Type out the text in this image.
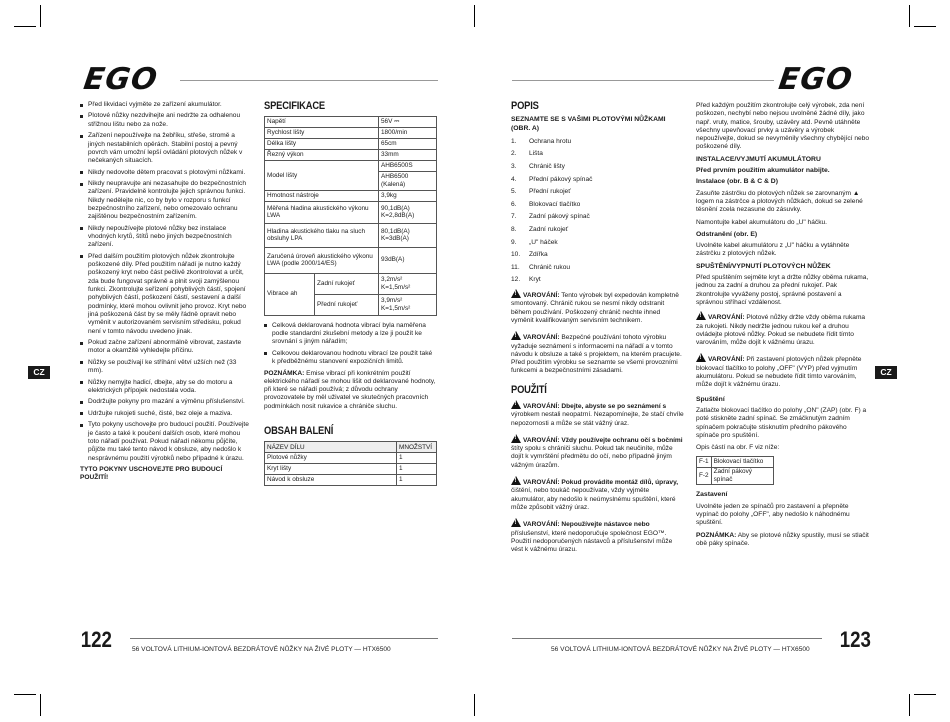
EGO	EGO
CZ	CZ
Před likvidací vyjměte ze zařízení akumulátor.
Plotové nůžky nezdvihejte ani nedržte za odhalenou střižnou lištu nebo za nože.
Zařízení nepoužívejte na žebříku, střeše, stromě a jiných nestabilních opěrách. Stabilní postoj a pevný povrch vám umožní lepší ovládání plotových nůžek v nečekaných situacích.
Nikdy nedovolte dětem pracovat s plotovými nůžkami.
Nikdy neupravujte ani nezasahujte do bezpečnostních zařízení. Pravidelně kontrolujte jejich správnou funkci. Nikdy nedělejte nic, co by bylo v rozporu s funkcí bezpečnostního zařízení, nebo omezovalo ochranu zajištěnou bezpečnostním zařízením.
Nikdy nepoužívejte plotové nůžky bez instalace vhodných krytů, štítů nebo jiných bezpečnostních zařízení.
Před dalším použitím plotových nůžek zkontrolujte poškozené díly. Před použitím nářadí je nutno každý poškozený kryt nebo část pečlivě zkontrolovat a určit, zda bude fungovat správně a plnit svoji zamýšlenou funkci. Zkontrolujte seřízení pohyblivých částí, spojení pohyblivých částí, poškození částí, sestavení a další podmínky, které mohou ovlivnit jeho provoz. Kryt nebo jiná poškozená část by se měly řádně opravit nebo vyměnit v autorizovaném servisním středisku, pokud není v tomto návodu uvedeno jinak.
Pokud začne zařízení abnormálně vibrovat, zastavte motor a okamžitě vyhledejte příčinu.
Nůžky se používají ke stříhání větví užších než (33 mm).
Nůžky nemyjte hadicí, dbejte, aby se do motoru a elektrických přípojek nedostala voda.
Dodržujte pokyny pro mazání a výměnu příslušenství.
Udržujte rukojeti suché, čisté, bez oleje a maziva.
Tyto pokyny uschovejte pro budoucí použití. Používejte je často a také k poučení dalších osob, které mohou toto nářadí používat. Pokud nářadí někomu půjčíte, půjčte mu také tento návod k obsluze, aby nedošlo k nesprávnému použití výrobků nebo případné k úrazu.
TYTO POKYNY USCHOVEJTE PRO BUDOUCÍ POUŽITÍ!
SPECIFIKACE
Napětí	56V ⎓
Rychlost lišty	1800/min
Délka lišty	65cm
Řezný výkon	33mm
Model lišty	AHB6500S
	AHB6500 (Kalená)
Hmotnost nástroje	3,9kg
Měřená hladina akustického výkonu LWA	90,1dB(A)
K=2,8dB(A)

Hladina akustického tlaku na sluch obsluhy LPA	80,1dB(A)
K=3dB(A)

Zaručená úroveň akustického výkonu LWA (podle 2000/14/ES)	93dB(A)
Vibrace ah	Zadní rukojeť	3,2m/s²
K=1,5m/s²

	Přední rukojeť	3,9m/s²
K=1,5m/s²
Celková deklarovaná hodnota vibrací byla naměřena podle standardní zkušební metody a lze ji použít ke srovnání s jiným nářadím;
Celkovou deklarovanou hodnotu vibrací lze použít také k předběžnému stanovení expozičních limitů.
POZNÁMKA: Emise vibrací při konkrétním použití elektrického nářadí se mohou lišit od deklarované hodnoty, při které se nářadí používá; z důvodu ochrany provozovatele by měl uživatel ve skutečných pracovních podmínkách nosit rukavice a chrániče sluchu.
OBSAH BALENÍ
NÁZEV DÍLU	MNOŽSTVÍ
Plotové nůžky	1
Kryt lišty	1
Návod k obsluze	1
POPIS
SEZNAMTE SE S VAŠIMI PLOTOVÝMI NŮŽKAMI (OBR. A)
1.	Ochrana hrotu
2.	Lišta
3.	Chránič lišty
4.	Přední pákový spínač
5.	Přední rukojeť
6.	Blokovací tlačítko
7.	Zadní pákový spínač
8.	Zadní rukojeť
9.	„U" háček
10.	Zdířka
11.	Chránič rukou
12.	Kryt
!VAROVÁNÍ: Tento výrobek byl expedován kompletně smontovaný. Chránič rukou se nesmí nikdy odstranit během používání. Poškozený chránič nechte ihned vyměnit kvalifikovaným servisním technikem.
!VAROVÁNÍ: Bezpečné používání tohoto výrobku vyžaduje seznámení s informacemi na nářadí a v tomto návodu k obsluze a také s projektem, na kterém pracujete. Před použitím výrobku se seznamte se všemi provozními funkcemi a bezpečnostními zásadami.
POUŽITÍ
!VAROVÁNÍ: Dbejte, abyste se po seznámení s výrobkem nestali neopatrní. Nezapomínejte, že stačí chvíle nepozornosti a může se stát vážný úraz.
!VAROVÁNÍ: Vždy používejte ochranu očí s bočními štíty spolu s chrániči sluchu. Pokud tak neučiníte, může dojít k vymrštění předmětu do očí, nebo případně jiným vážným úrazům.
!VAROVÁNÍ: Pokud provádíte montáž dílů, úpravy, čištění, nebo toukáč nepoužívate, vždy vyjměte akumulátor, aby nedošlo k neúmyslnému spuštění, které může způsobit vážný úraz.
!VAROVÁNÍ: Nepoužívejte nástavce nebo příslušenství, které nedoporučuje společnost EGO™. Použití nedoporučených nástavců a příslušenství může vést k vážnému úrazu.
Před každým použitím zkontrolujte celý výrobek, zda není poškozen, nechybí nebo nejsou uvolněné žádné díly, jako např. vruty, matice, šrouby, uzávěry atd. Pevně utáhněte všechny upevňovací prvky a uzávěry a výrobek nepoužívejte, dokud se nevyměnily všechny chybějící nebo poškozené díly.
INSTALACE/VYJMUTÍ AKUMULÁTORU
Před prvním použitím akumulátor nabijte.
Instalace (obr. B & C & D)
Zasuňte zástrčku do plotových nůžek se zarovnaným ▲ logem na zástrčce a plotových nůžkách, dokud se zelené těsnění zcela nezasune do zásuvky.
Namontujte kabel akumulátoru do „U" háčku.
Odstranění (obr. E)
Uvolněte kabel akumulátoru z „U" háčku a vytáhněte zástrčku z plotových nůžek.
SPUŠTĚNÍ/VYPNUTÍ PLOTOVÝCH NŮŽEK
Před spuštěním sejměte kryt a držte nůžky oběma rukama, jednou za zadní a druhou za přední rukojeť. Pak zkontrolujte vyváženy postoj, správné postavení a správnou stříhací vzdálenost.
!VAROVÁNÍ: Plotové nůžky držte vždy oběma rukama za rukojeti. Nikdy nedržte jednou rukou keř a druhou ovládejte plotové nůžky. Pokud se nebudete řídit tímto varováním, může dojít k vážnému úrazu.
!VAROVÁNÍ: Při zastavení plotových nůžek přepněte blokovací tlačítko to polohy „OFF" (VYP) před vyjmutím akumulátoru. Pokud se nebudete řídit tímto varováním, může dojít k vážnému úrazu.
Spuštění
Zatlačte blokovací tlačítko do polohy „ON" (ZAP) (obr. F) a poté stiskněte zadní spínač. Se zmáčknutým zadním spínačem pokračujte stisknutím předního pákového spínače pro spuštění.
Opis částí na obr. F viz níže:
F-1	Blokovací tlačítko
F-2	Zadní pákový spínač
Zastavení
Uvolněte jeden ze spínačů pro zastavení a přepněte vypínač do polohy „OFF", aby nedošlo k náhodnému spuštění.
POZNÁMKA: Aby se plotové nůžky spustily, musí se stlačit obě páky spínače.
122	56 VOLTOVÁ LITHIUM-IONTOVÁ BEZDRÁTOVÉ NŮŽKY NA ŽIVÉ PLOTY — HTX6500	56 VOLTOVÁ LITHIUM-IONTOVÁ BEZDRÁTOVÉ NŮŽKY NA ŽIVÉ PLOTY — HTX6500 123
